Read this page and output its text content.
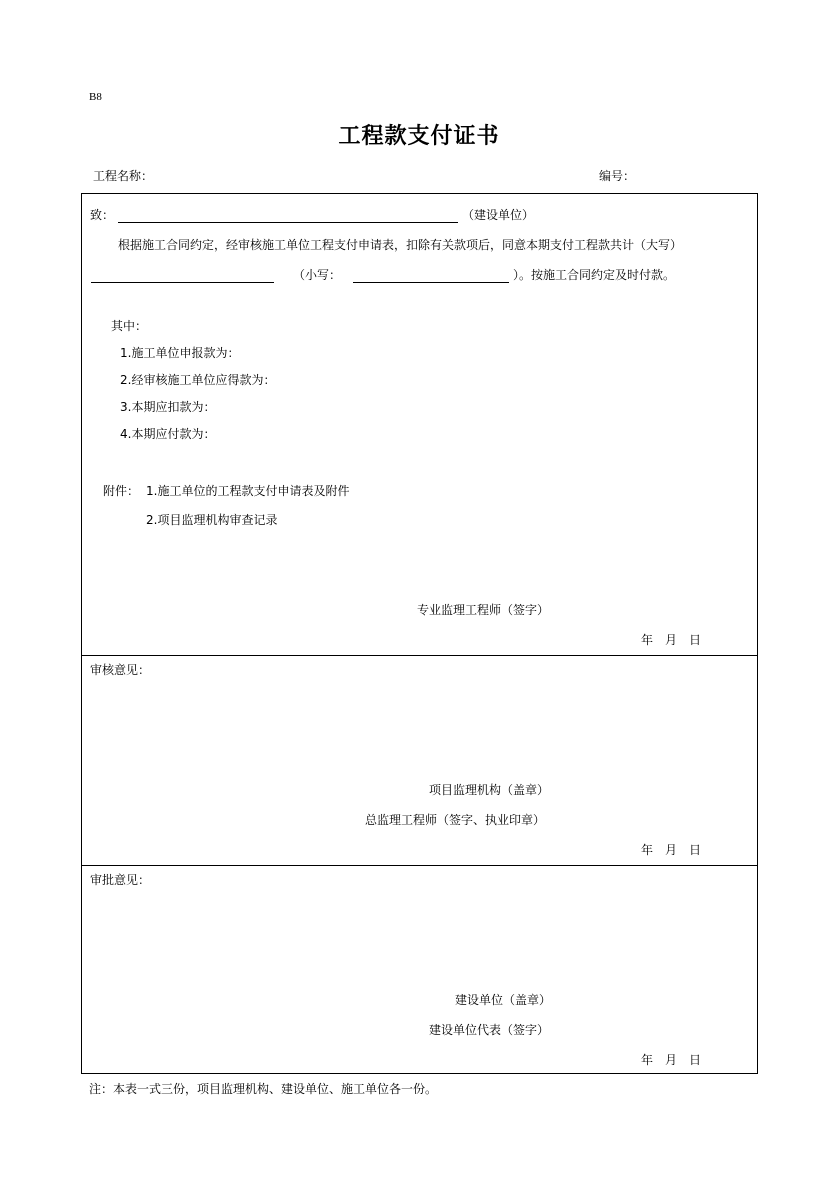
B8
工程款支付证书
工程名称：	编号：
致：	（建设单位）
根据施工合同约定，经审核施工单位工程支付申请表，扣除有关款项后，同意本期支付工程款共计（大写）
（小写：	）。按施工合同约定及时付款。
其中：
1.施工单位申报款为：
2.经审核施工单位应得款为：
3.本期应扣款为：
4.本期应付款为：
附件： 1.施工单位的工程款支付申请表及附件
2.项目监理机构审查记录
专业监理工程师（签字）
年　月　日
审核意见：
项目监理机构（盖章）
总监理工程师（签字、执业印章）
年　月　日
审批意见：
建设单位（盖章）
建设单位代表（签字）
年　月　日
注：本表一式三份，项目监理机构、建设单位、施工单位各一份。
